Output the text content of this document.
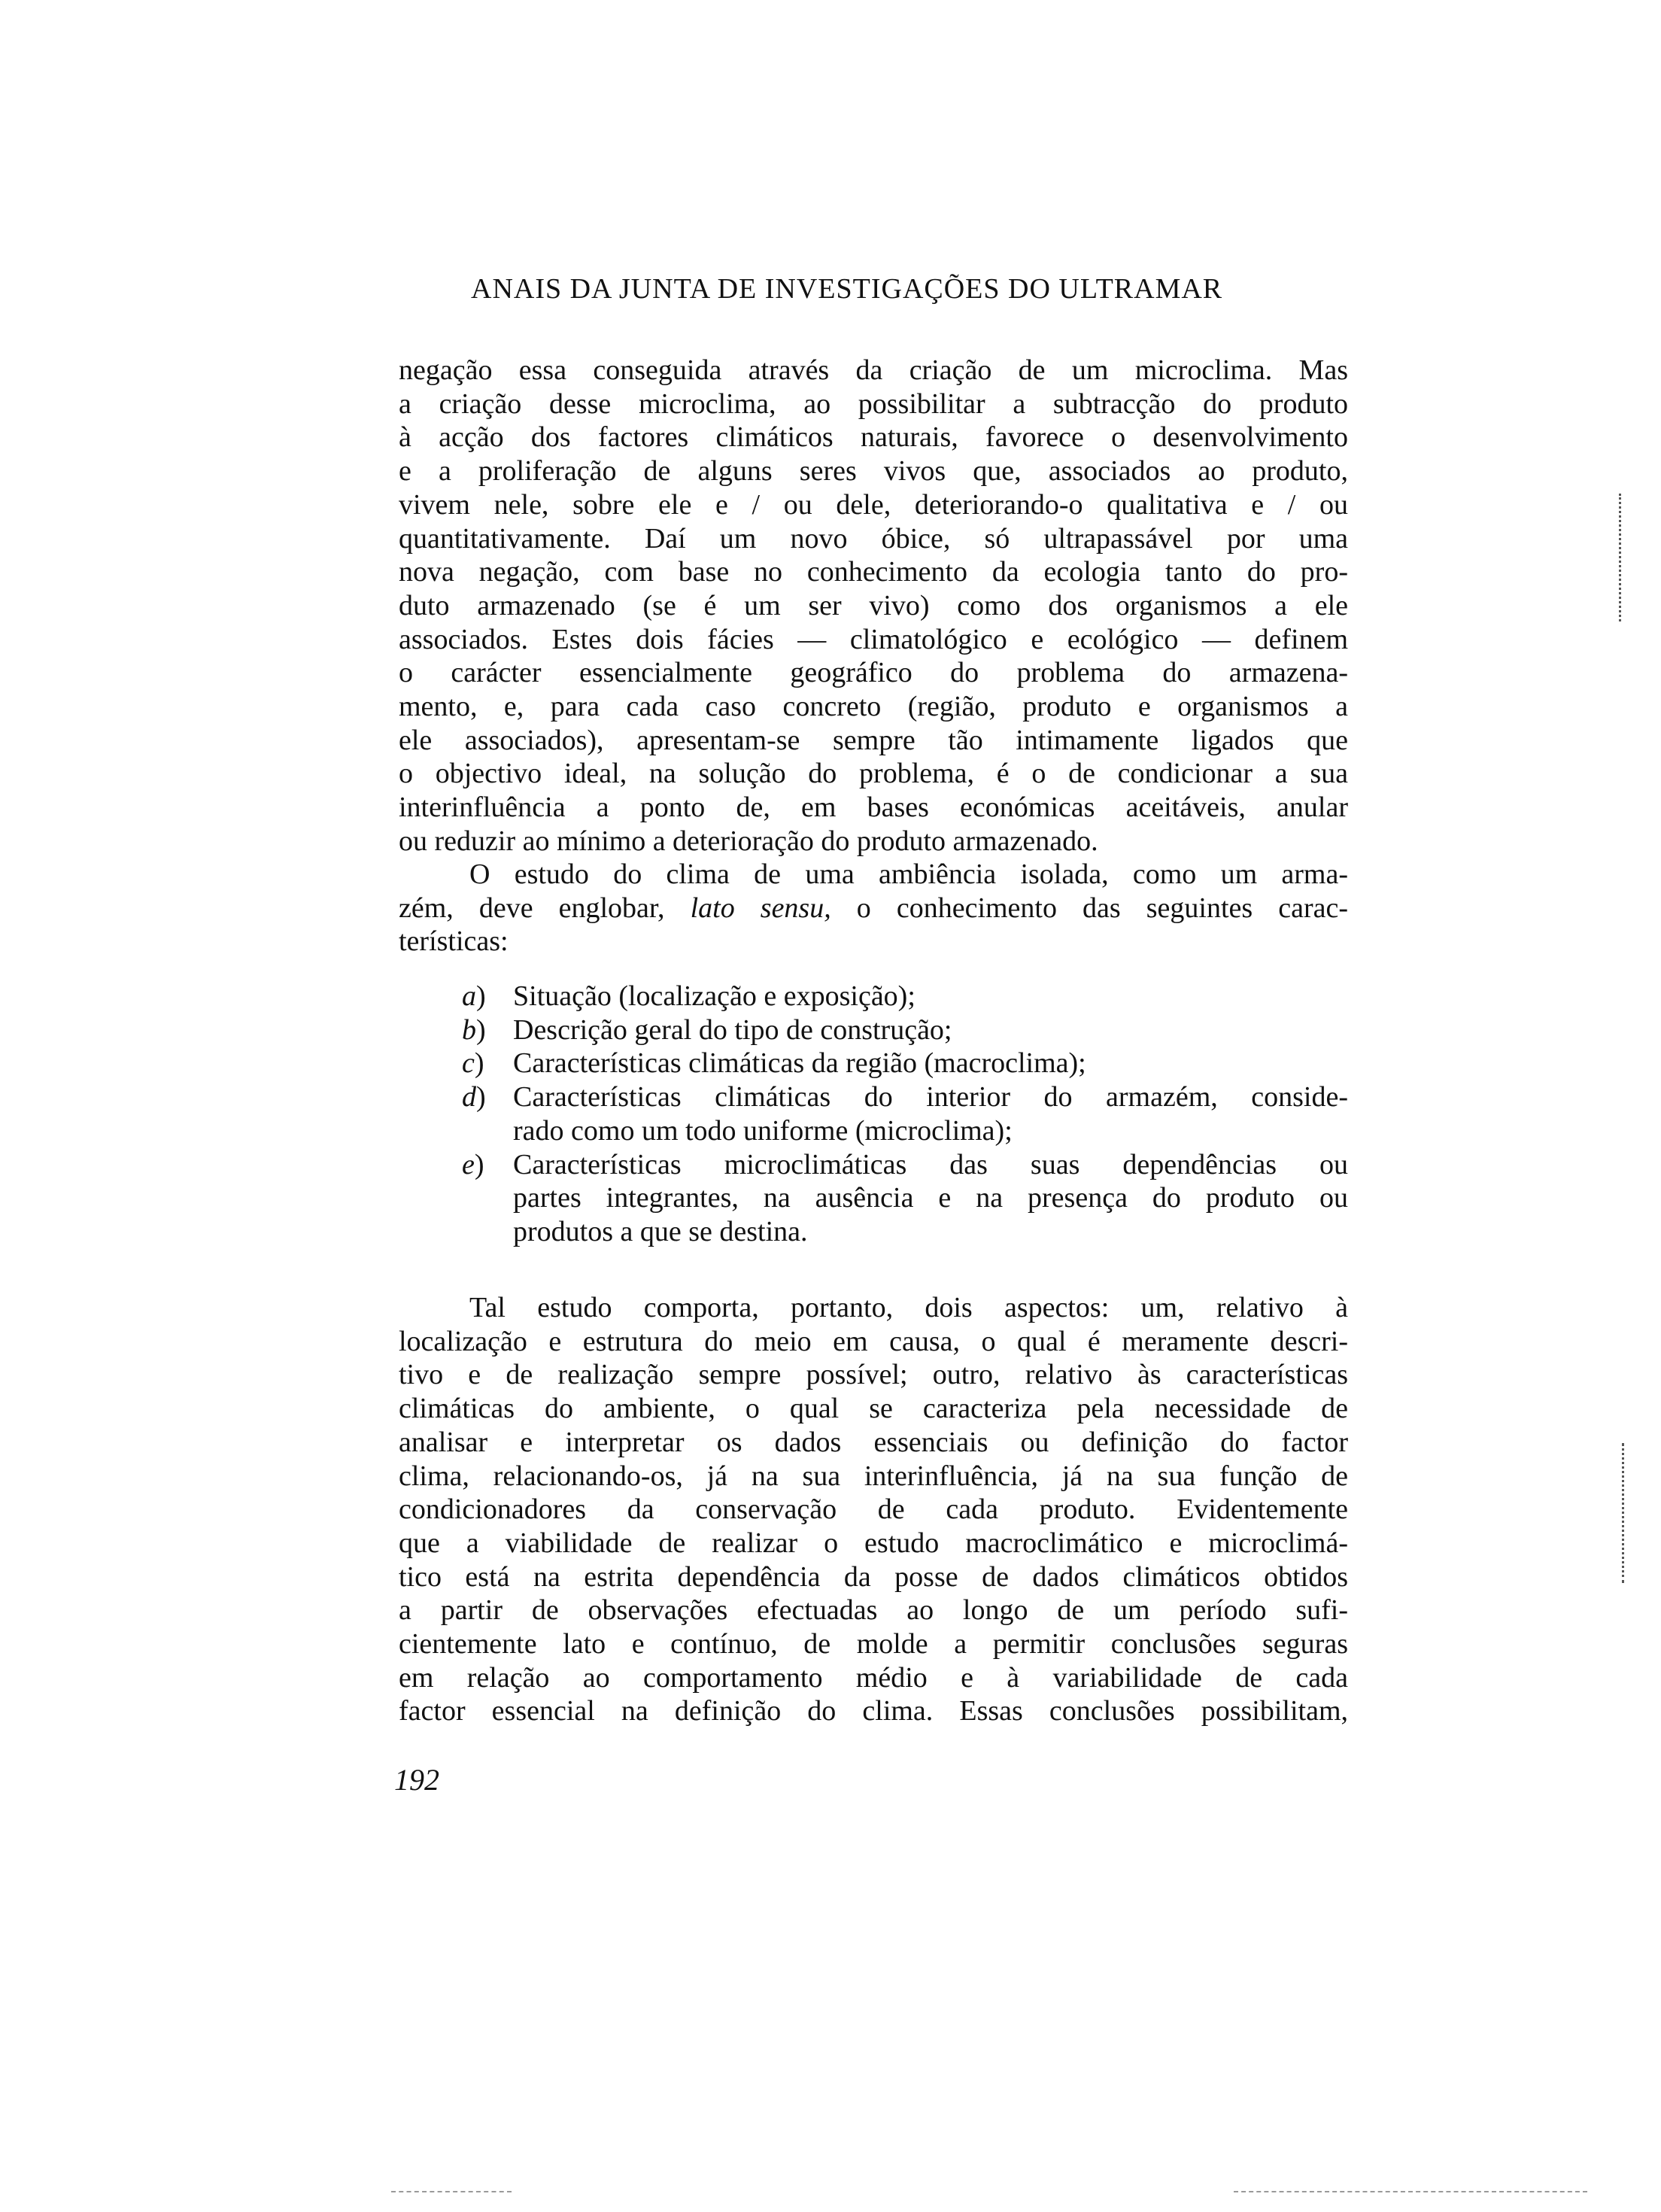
ANAIS DA JUNTA DE INVESTIGAÇÕES DO ULTRAMAR
negação essa conseguida através da criação de um microclima. Mas
a criação desse microclima, ao possibilitar a subtracção do produto
à acção dos factores climáticos naturais, favorece o desenvolvimento
e a proliferação de alguns seres vivos que, associados ao produto,
vivem nele, sobre ele e / ou dele, deteriorando-o qualitativa e / ou
quantitativamente. Daí um novo óbice, só ultrapassável por uma
nova negação, com base no conhecimento da ecologia tanto do pro-
duto armazenado (se é um ser vivo) como dos organismos a ele
associados. Estes dois fácies — climatológico e ecológico — definem
o carácter essencialmente geográfico do problema do armazena-
mento, e, para cada caso concreto (região, produto e organismos a
ele associados), apresentam-se sempre tão intimamente ligados que
o objectivo ideal, na solução do problema, é o de condicionar a sua
interinfluência a ponto de, em bases económicas aceitáveis, anular
ou reduzir ao mínimo a deterioração do produto armazenado.
O estudo do clima de uma ambiência isolada, como um arma-
zém, deve englobar, lato sensu, o conhecimento das seguintes carac-
terísticas:
a) Situação (localização e exposição);
b) Descrição geral do tipo de construção;
c)	Características climáticas da região (macroclima);
d) Características climáticas do interior do armazém, conside-
rado como um todo uniforme (microclima);
e)	Características microclimáticas das suas dependências ou
partes integrantes, na ausência e na presença do produto ou
produtos a que se destina.
Tal estudo comporta, portanto, dois aspectos: um, relativo à
localização e estrutura do meio em causa, o qual é meramente descri-
tivo e de realização sempre possível; outro, relativo às características
climáticas do ambiente, o qual se caracteriza pela necessidade de
analisar e interpretar os dados essenciais ou definição do factor
clima, relacionando-os, já na sua interinfluência, já na sua função de
condicionadores da conservação de cada produto. Evidentemente
que a viabilidade de realizar o estudo macroclimático e microclimá-
tico está na estrita dependência da posse de dados climáticos obtidos
a partir de observações efectuadas ao longo de um período sufi-
cientemente lato e contínuo, de molde a permitir conclusões seguras
em relação ao comportamento médio e à variabilidade de cada
factor essencial na definição do clima. Essas conclusões possibilitam,
192
